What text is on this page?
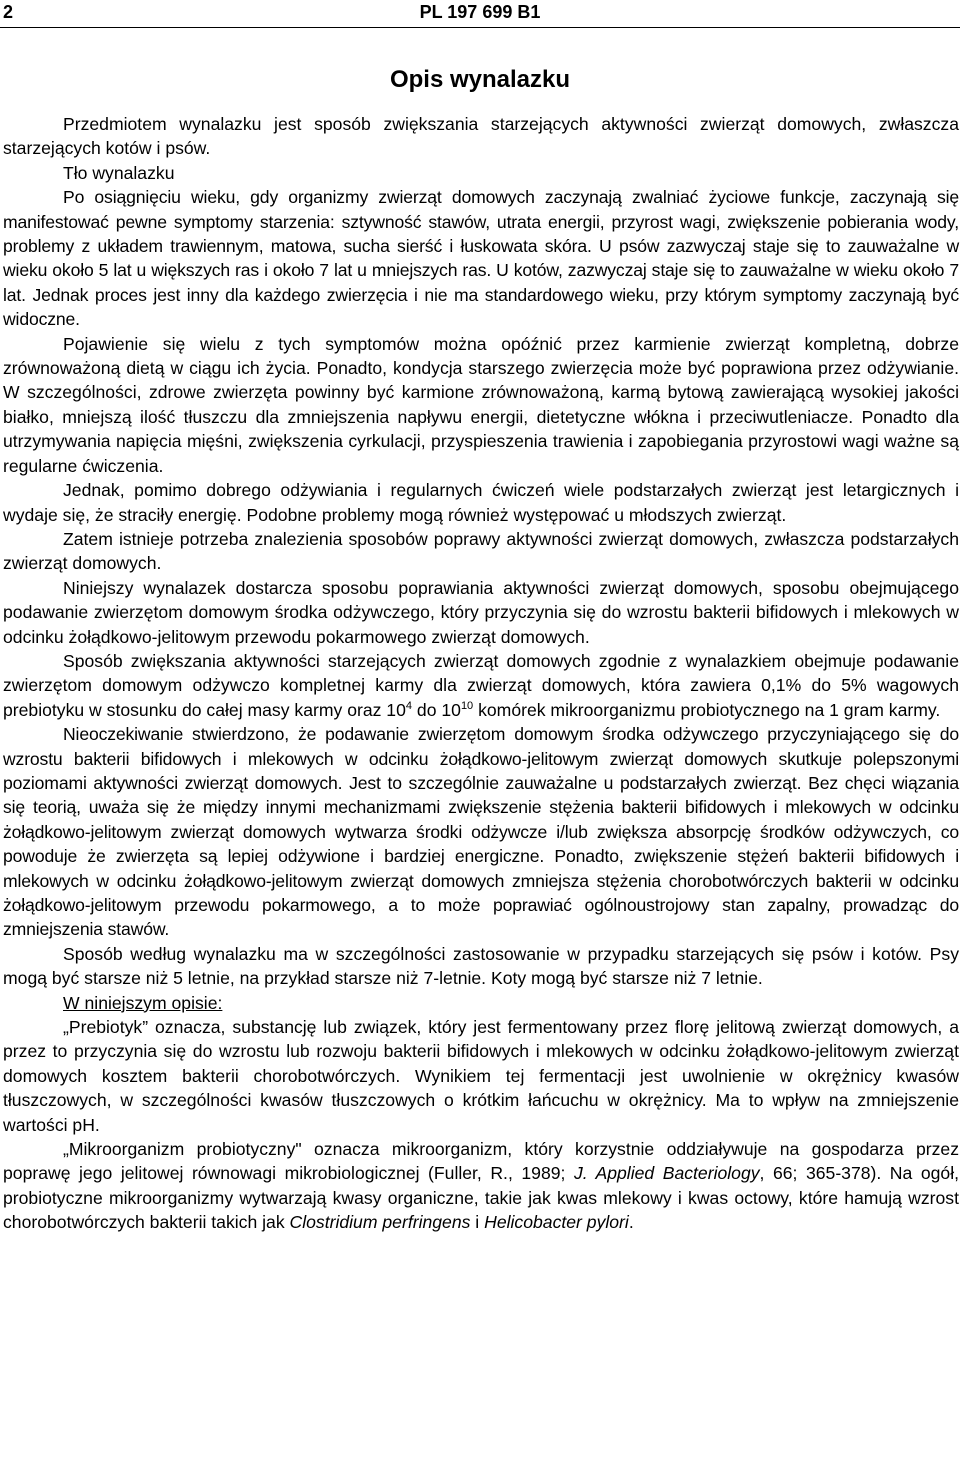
2	PL 197 699 B1
Opis wynalazku

Przedmiotem wynalazku jest sposób zwiększania starzejących aktywności zwierząt domowych, zwłaszcza starzejących kotów i psów.

Tło wynalazku

Po osiągnięciu wieku, gdy organizmy zwierząt domowych zaczynają zwalniać życiowe funkcje, zaczynają się manifestować pewne symptomy starzenia: sztywność stawów, utrata energii, przyrost wagi, zwiększenie pobierania wody, problemy z układem trawiennym, matowa, sucha sierść i łuskowata skóra. U psów zazwyczaj staje się to zauważalne w wieku około 5 lat u większych ras i około 7 lat u mniejszych ras. U kotów, zazwyczaj staje się to zauważalne w wieku około 7 lat. Jednak proces jest inny dla każdego zwierzęcia i nie ma standardowego wieku, przy którym symptomy zaczynają być widoczne.

Pojawienie się wielu z tych symptomów można opóźnić przez karmienie zwierząt kompletną, dobrze zrównoważoną dietą w ciągu ich życia. Ponadto, kondycja starszego zwierzęcia może być poprawiona przez odżywianie. W szczególności, zdrowe zwierzęta powinny być karmione zrównoważoną, karmą bytową zawierającą wysokiej jakości białko, mniejszą ilość tłuszczu dla zmniejszenia napływu energii, dietetyczne włókna i przeciwutleniacze. Ponadto dla utrzymywania napięcia mięśni, zwiększenia cyrkulacji, przyspieszenia trawienia i zapobiegania przyrostowi wagi ważne są regularne ćwiczenia.

Jednak, pomimo dobrego odżywiania i regularnych ćwiczeń wiele podstarzałych zwierząt jest letargicznych i wydaje się, że straciły energię. Podobne problemy mogą również występować u młodszych zwierząt.

Zatem istnieje potrzeba znalezienia sposobów poprawy aktywności zwierząt domowych, zwłaszcza podstarzałych zwierząt domowych.

Niniejszy wynalazek dostarcza sposobu poprawiania aktywności zwierząt domowych, sposobu obejmującego podawanie zwierzętom domowym środka odżywczego, który przyczynia się do wzrostu bakterii bifidowych i mlekowych w odcinku żołądkowo-jelitowym przewodu pokarmowego zwierząt domowych.

Sposób zwiększania aktywności starzejących zwierząt domowych zgodnie z wynalazkiem obejmuje podawanie zwierzętom domowym odżywczo kompletnej karmy dla zwierząt domowych, która zawiera 0,1% do 5% wagowych prebiotyku w stosunku do całej masy karmy oraz $10^4$ do $10^{10}$ komórek mikroorganizmu probiotycznego na 1 gram karmy.

Nieoczekiwanie stwierdzono, że podawanie zwierzętom domowym środka odżywczego przyczyniającego się do wzrostu bakterii bifidowych i mlekowych w odcinku żołądkowo-jelitowym zwierząt domowych skutkuje polepszonymi poziomami aktywności zwierząt domowych. Jest to szczególnie zauważalne u podstarzałych zwierząt. Bez chęci wiązania się teorią, uważa się że między innymi mechanizmami zwiększenie stężenia bakterii bifidowych i mlekowych w odcinku żołądkowo-jelitowym zwierząt domowych wytwarza środki odżywcze i/lub zwiększa absorpcję środków odżywczych, co powoduje że zwierzęta są lepiej odżywione i bardziej energiczne. Ponadto, zwiększenie stężeń bakterii bifidowych i mlekowych w odcinku żołądkowo-jelitowym zwierząt domowych zmniejsza stężenia chorobotwórczych bakterii w odcinku żołądkowo-jelitowym przewodu pokarmowego, a to może poprawiać ogólnoustrojowy stan zapalny, prowadząc do zmniejszenia stawów.

Sposób według wynalazku ma w szczególności zastosowanie w przypadku starzejących się psów i kotów. Psy mogą być starsze niż 5 letnie, na przykład starsze niż 7-letnie. Koty mogą być starsze niż 7 letnie.

W niniejszym opisie:

„Prebiotyk” oznacza, substancję lub związek, który jest fermentowany przez florę jelitową zwierząt domowych, a przez to przyczynia się do wzrostu lub rozwoju bakterii bifidowych i mlekowych w odcinku żołądkowo-jelitowym zwierząt domowych kosztem bakterii chorobotwórczych. Wynikiem tej fermentacji jest uwolnienie w okrężnicy kwasów tłuszczowych, w szczególności kwasów tłuszczowych o krótkim łańcuchu w okrężnicy. Ma to wpływ na zmniejszenie wartości pH.

„Mikroorganizm probiotyczny" oznacza mikroorganizm, który korzystnie oddziaływuje na gospodarza przez poprawę jego jelitowej równowagi mikrobiologicznej (Fuller, R., 1989; J. Applied Bacteriology, 66; 365-378). Na ogół, probiotyczne mikroorganizmy wytwarzają kwasy organiczne, takie jak kwas mlekowy i kwas octowy, które hamują wzrost chorobotwórczych bakterii takich jak Clostridium perfringens i Helicobacter pylori.
